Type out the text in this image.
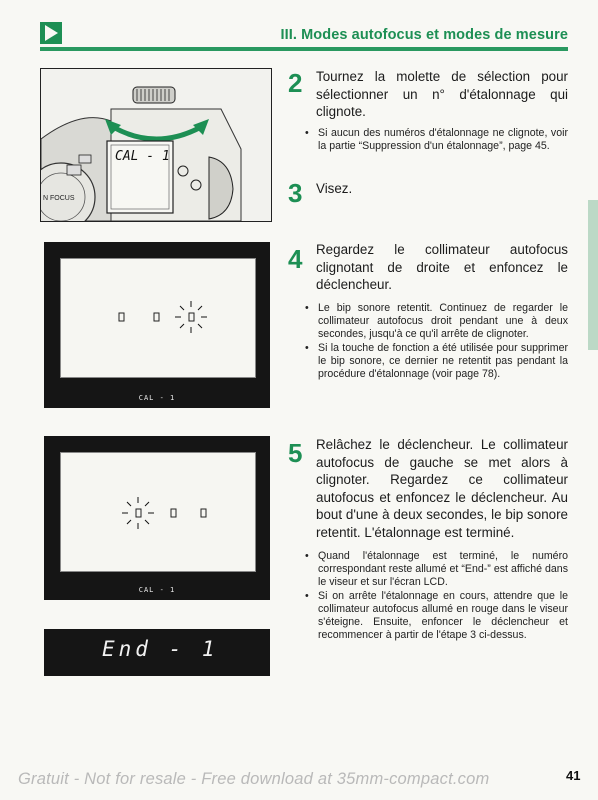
III. Modes autofocus et modes de mesure
CAL - 1
N FOCUS
2 Tournez la molette de sélection pour sélectionner un n° d'étalonnage qui clignote.
• Si aucun des numéros d'étalonnage ne clignote, voir la partie “Suppression d'un étalonnage”, page 45.
3 Visez.
CAL - 1
4 Regardez le collimateur autofocus clignotant de droite et enfoncez le déclencheur.
• Le bip sonore retentit. Continuez de regarder le collimateur autofocus droit pendant une à deux secondes, jusqu'à ce qu'il arrête de clignoter.
• Si la touche de fonction a été utilisée pour supprimer le bip sonore, ce dernier ne retentit pas pendant la procédure d'étalonnage (voir page 78).
CAL - 1
5 Relâchez le déclencheur. Le collimateur autofocus de gauche se met alors à clignoter. Regardez ce collimateur autofocus et enfoncez le déclencheur. Au bout d'une à deux secondes, le bip sonore retentit. L'étalonnage est terminé.
• Quand l'étalonnage est terminé, le numéro correspondant reste allumé et “End-” est affiché dans le viseur et sur l'écran LCD.
• Si on arrête l'étalonnage en cours, attendre que le collimateur autofocus allumé en rouge dans le viseur s'éteigne. Ensuite, enfoncer le déclencheur et recommencer à partir de l'étape 3 ci-dessus.
End - 1
Gratuit - Not for resale - Free download at 35mm-compact.com	41
